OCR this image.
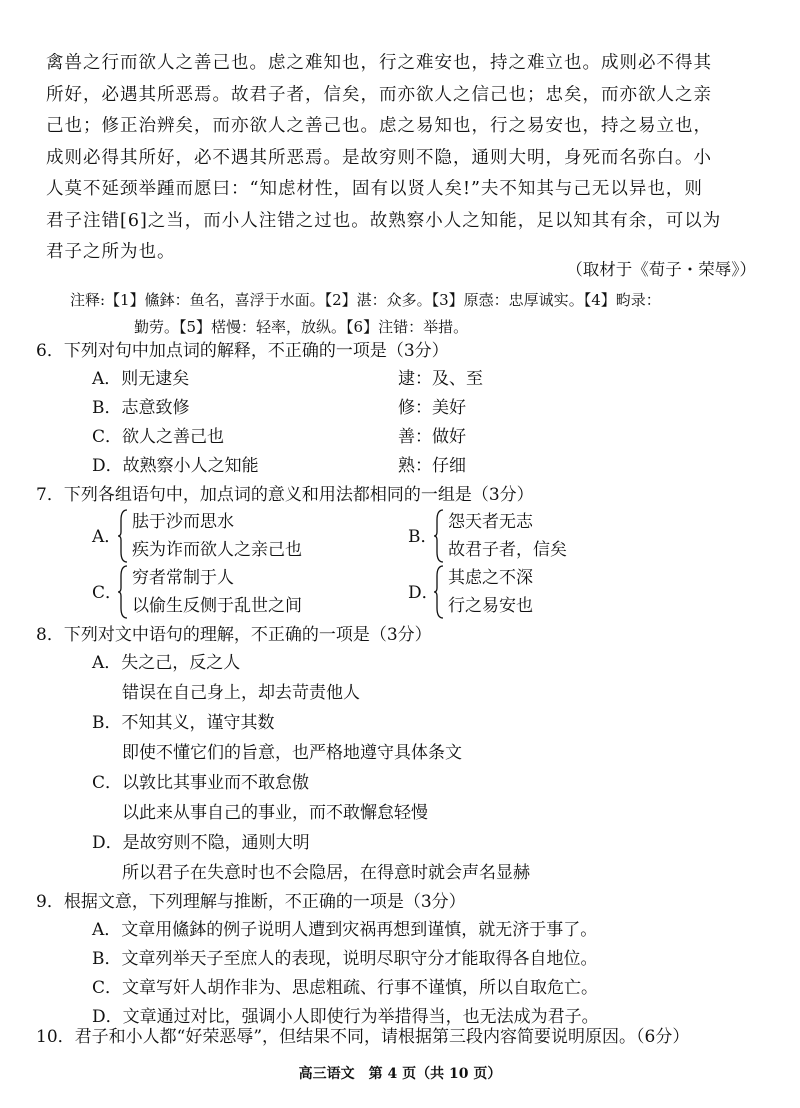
禽兽之行而欲人之善己也。虑之难知也，行之难安也，持之难立也。成则必不得其

所好，必遇其所恶焉。故君子者，信矣，而亦欲人之信己也；忠矣，而亦欲人之亲

己也；修正治辨矣，而亦欲人之善己也。虑之易知也，行之易安也，持之易立也，

成则必得其所好，必不遇其所恶焉。是故穷则不隐，通则大明，身死而名弥白。小

人莫不延颈举踵而愿曰：“知虑材性，固有以贤人矣!”夫不知其与己无以异也，则

君子注错[6]之当，而小人注错之过也。故熟察小人之知能，足以知其有余，可以为

君子之所为也。

（取材于《荀子・荣辱》）
注释:【1】鯈鉢：鱼名，喜浮于水面。【2】湛：众多。【3】原悫：忠厚诚实。【4】畇录：
勤劳。【5】楛慢：轻率，放纵。【6】注错：举措。
6．下列对句中加点词的解释，不正确的一项是（3分）
A．则无逮矣	逮：及、至
B．志意致修	修：美好
C．欲人之善己也	善：做好
D．故熟察小人之知能	熟：仔细
7．下列各组语句中，加点词的意义和用法都相同的一组是（3分）
A．
胠于沙而思水
疾为诈而欲人之亲己也
B．
怨天者无志
故君子者，信矣
C．
穷者常制于人
以偷生反侧于乱世之间
D．
其虑之不深
行之易安也
8．下列对文中语句的理解，不正确的一项是（3分）
A．失之己，反之人
错误在自己身上，却去苛责他人
B．不知其义，谨守其数
即使不懂它们的旨意，也严格地遵守具体条文
C．以敦比其事业而不敢怠傲
以此来从事自己的事业，而不敢懈怠轻慢
D．是故穷则不隐，通则大明
所以君子在失意时也不会隐居，在得意时就会声名显赫
9．根据文意，下列理解与推断，不正确的一项是（3分）
A．文章用鯈鉢的例子说明人遭到灾祸再想到谨慎，就无济于事了。
B．文章列举天子至庶人的表现，说明尽职守分才能取得各自地位。
C．文章写奸人胡作非为、思虑粗疏、行事不谨慎，所以自取危亡。
D．文章通过对比，强调小人即使行为举措得当，也无法成为君子。
10．君子和小人都“好荣恶辱”，但结果不同，请根据第三段内容简要说明原因。（6分）
高三语文　第 4 页（共 10 页）
